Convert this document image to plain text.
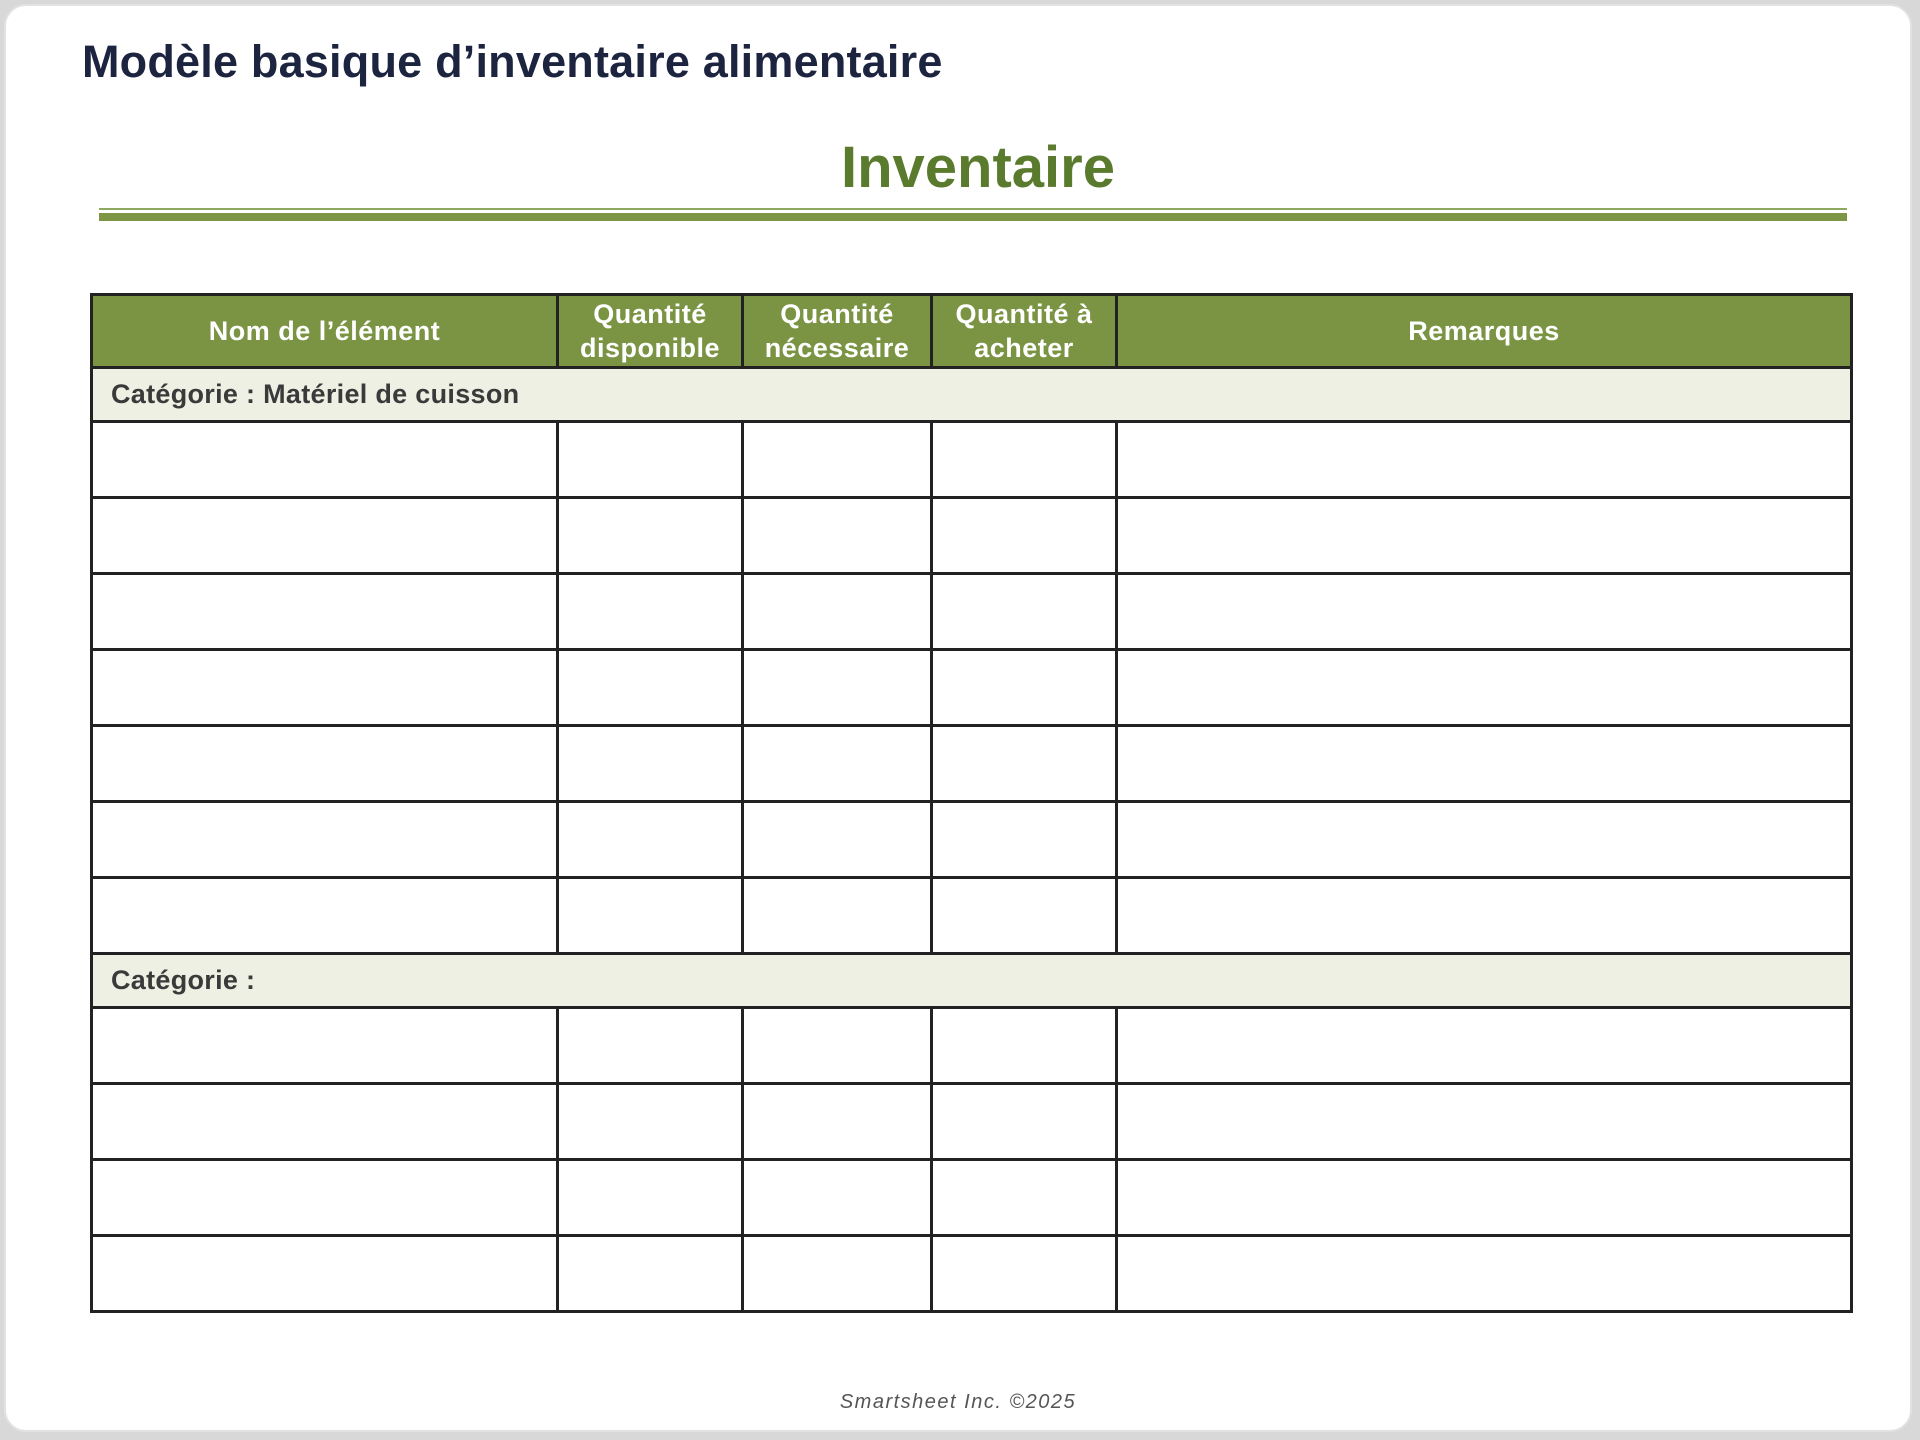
Modèle basique d’inventaire alimentaire
Inventaire
Nom de l’élément	Quantité disponible	Quantité nécessaire	Quantité à acheter	Remarques
Catégorie : Matériel de cuisson				

Catégorie :				

Smartsheet Inc. ©2025
